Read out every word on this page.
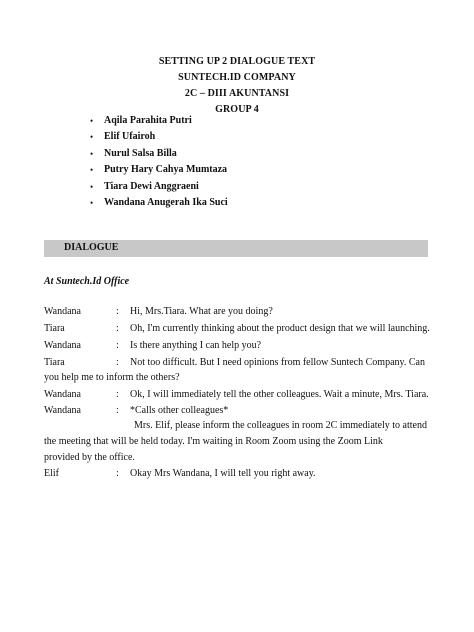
SETTING UP 2 DIALOGUE TEXT
SUNTECH.ID COMPANY
2C – DIII AKUNTANSI
GROUP 4
• Aqila Parahita Putri
• Elif Ufairoh
• Nurul Salsa Billa
• Putry Hary Cahya Mumtaza
• Tiara Dewi Anggraeni
• Wandana Anugerah Ika Suci
DIALOGUE
At Suntech.Id Office
Wandana	: Hi, Mrs.Tiara. What are you doing?
Tiara	: Oh, I'm currently thinking about the product design that we will launching.
Wandana	: Is there anything I can help you?
Tiara	: Not too difficult. But I need opinions from fellow Suntech Company. Can
you help me to inform the others?
Wandana	: Ok, I will immediately tell the other colleagues. Wait a minute, Mrs. Tiara.
Wandana	: *Calls other colleagues*
Mrs. Elif, please inform the colleagues in room 2C immediately to attend
the meeting that will be held today. I'm waiting in Room Zoom using the Zoom Link
provided by the office.
Elif	: Okay Mrs Wandana, I will tell you right away.
